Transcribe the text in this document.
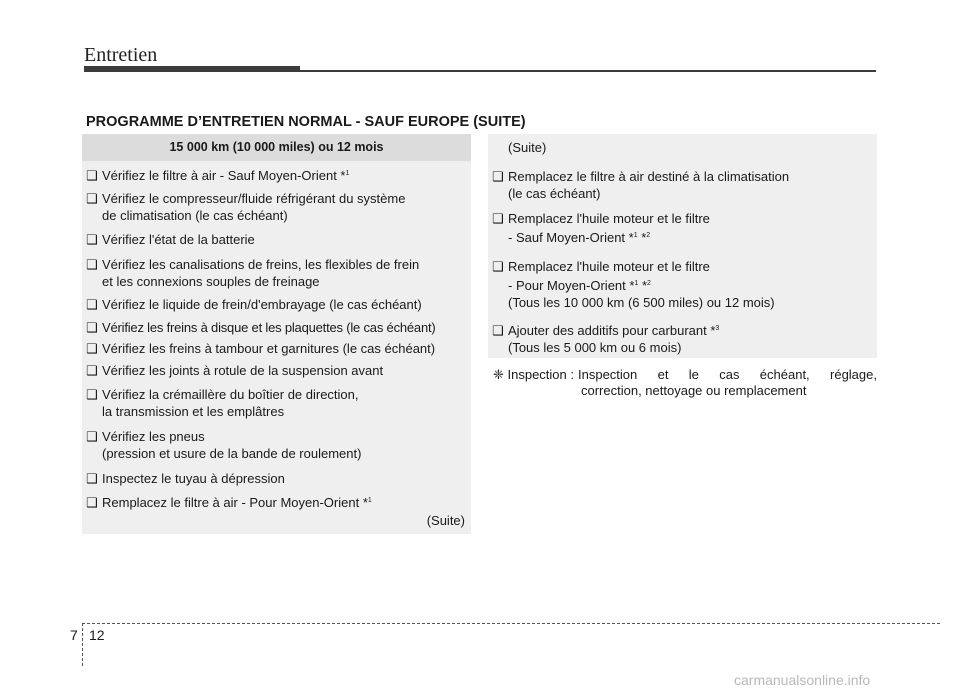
Entretien
PROGRAMME D’ENTRETIEN NORMAL - SAUF EUROPE (SUITE)
15 000 km (10 000 miles) ou 12 mois
❑ Vérifiez le filtre à air - Sauf Moyen-Orient *$^1$
❑ Vérifiez le compresseur/fluide réfrigérant du système
de climatisation (le cas échéant)
❑ Vérifiez l'état de la batterie
❑ Vérifiez les canalisations de freins, les flexibles de frein
et les connexions souples de freinage
❑ Vérifiez le liquide de frein/d'embrayage (le cas échéant)
❑ Vérifiez les freins à disque et les plaquettes (le cas échéant)
❑ Vérifiez les freins à tambour et garnitures (le cas échéant)
❑ Vérifiez les joints à rotule de la suspension avant
❑ Vérifiez la crémaillère du boîtier de direction,
la transmission et les emplâtres
❑ Vérifiez les pneus
(pression et usure de la bande de roulement)
❑ Inspectez le tuyau à dépression
❑ Remplacez le filtre à air - Pour Moyen-Orient *$^1$
(Suite)
(Suite)
❑ Remplacez le filtre à air destiné à la climatisation
(le cas échéant)
❑ Remplacez l'huile moteur et le filtre
- Sauf Moyen-Orient *$^1$ *$^2$
❑ Remplacez l'huile moteur et le filtre
- Pour Moyen-Orient *$^1$ *$^2$
(Tous les 10 000 km (6 500 miles) ou 12 mois)
❑ Ajouter des additifs pour carburant *$^3$
(Tous les 5 000 km ou 6 mois)
❈ Inspection : Inspection et le cas échéant, réglage,
correction, nettoyage ou remplacement
7 12
carmanualsonline.info
